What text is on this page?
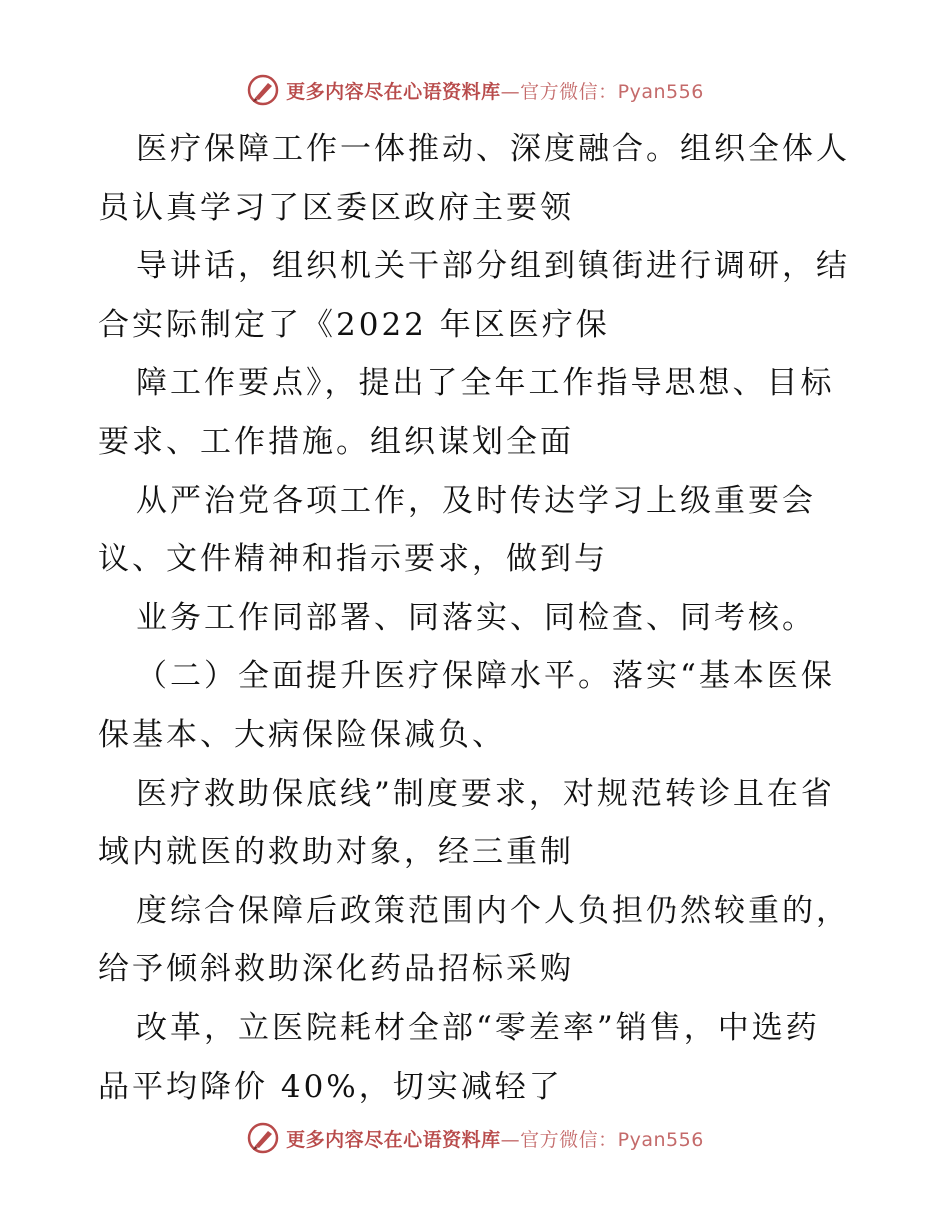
更多内容尽在心语资料库—官方微信：Pyan556
医疗保障工作一体推动、深度融合。组织全体人
员认真学习了区委区政府主要领
导讲话，组织机关干部分组到镇街进行调研，结
合实际制定了《2022 年区医疗保
障工作要点》，提出了全年工作指导思想、目标
要求、工作措施。组织谋划全面
从严治党各项工作，及时传达学习上级重要会
议、文件精神和指示要求，做到与
业务工作同部署、同落实、同检查、同考核。
（二）全面提升医疗保障水平。落实“基本医保
保基本、大病保险保减负、
医疗救助保底线”制度要求，对规范转诊且在省
域内就医的救助对象，经三重制
度综合保障后政策范围内个人负担仍然较重的，
给予倾斜救助深化药品招标采购
改革，立医院耗材全部“零差率”销售，中选药
品平均降价 40%，切实减轻了
更多内容尽在心语资料库—官方微信：Pyan556
